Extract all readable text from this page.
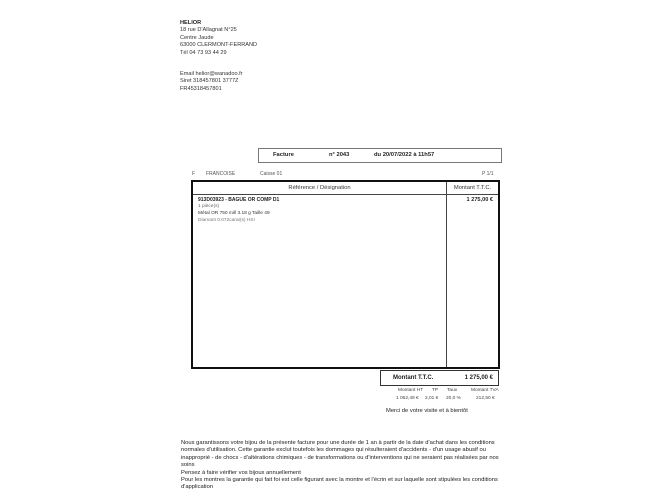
HELIOR
18 rue D'Allagnat N°25
Centre Jaude
63000 CLERMONT-FERRAND
Tél 04 73 93 44 29
Email helior@wanadoo.fr
Siret 318457801 3777Z
FR45318457801
Facture	n° 2043	du 20/07/2022 à 11h57
F FRANCOISE	Caisse 01	P 1/1
Référence / Désignation	Montant T.T.C.
913D03923 - BAGUE OR COMP D1
1 pièce(s)
Métal OR 750 mill 3.18 g Taille 49
Diamant 0.072carat(s) HSI
1 275,00 €
Montant T.T.C.	1 275,00 €
Montant HT TP Taux	Montant TVA
1 062,49 € 2,01 € 20,0 %	212,50 €
Merci de votre visite et à bientôt

Nous garantissons votre bijou de la présente facture pour une durée de 1 an à partir de la date d'achat dans les conditions normales d'utilisation. Cette garantie exclut toutefois les dommages qui résulteraient d'accidents - d'un usage abusif ou inapproprié - de chocs - d'altérations chimiques - de transformations ou d'interventions qui ne seraient pas réalisées par nos soins

Pensez à faire vérifier vos bijoux annuellement

Pour les montres la garantie qui fait foi est celle figurant avec la montre et l'écrin et sur laquelle sont stipulées les conditions d'application
